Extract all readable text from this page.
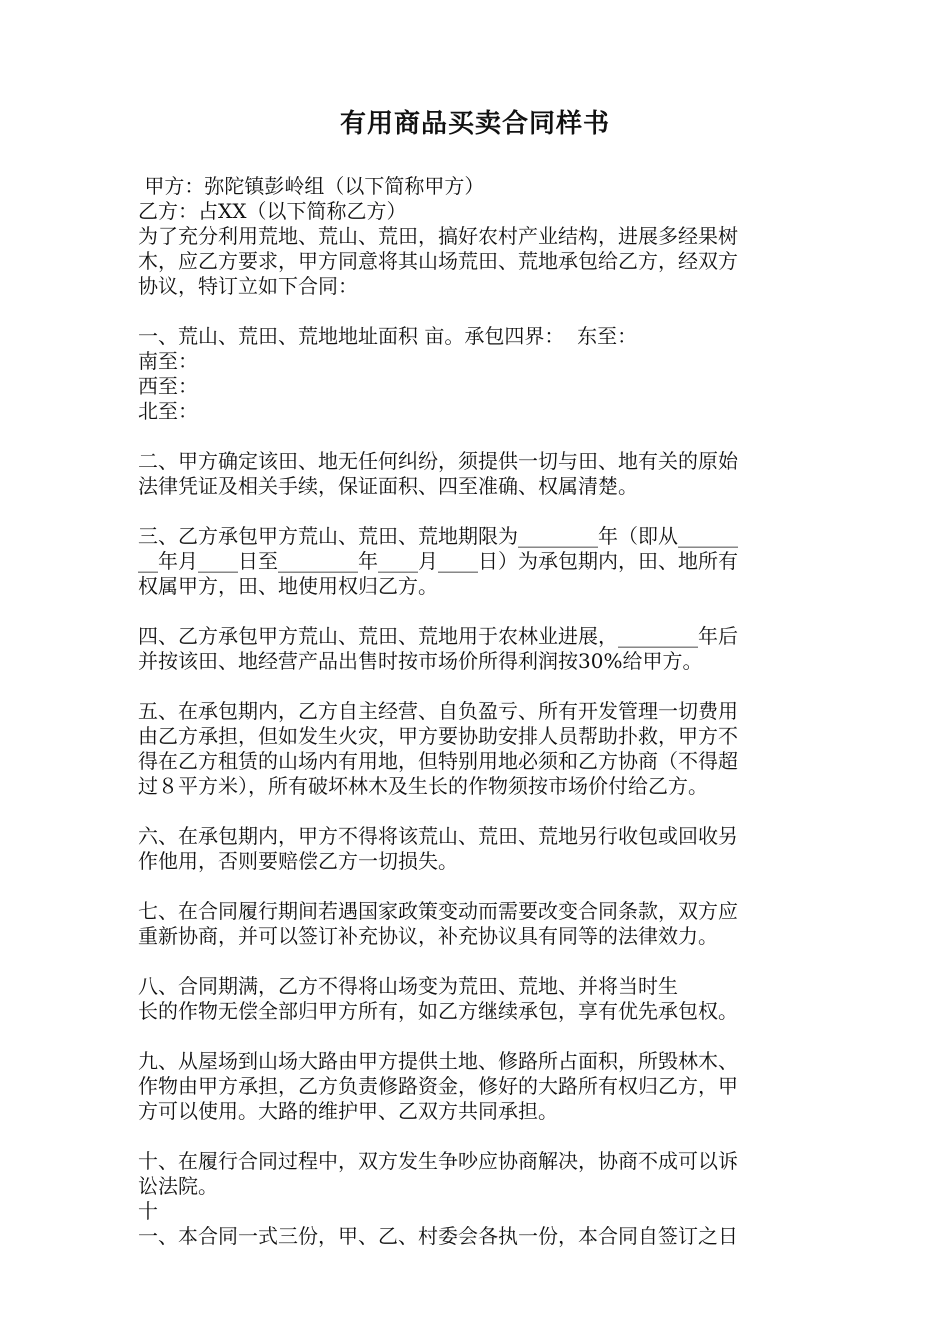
有用商品买卖合同样书
甲方：弥陀镇彭岭组（以下简称甲方）
乙方：占XX（以下简称乙方）
为了充分利用荒地、荒山、荒田，搞好农村产业结构，进展多经果树
木，应乙方要求，甲方同意将其山场荒田、荒地承包给乙方，经双方
协议，特订立如下合同：
一、荒山、荒田、荒地地址面积 亩。承包四界：  东至：
南至：
西至：
北至：
二、甲方确定该田、地无任何纠纷，须提供一切与田、地有关的原始
法律凭证及相关手续，保证面积、四至准确、权属清楚。
三、乙方承包甲方荒山、荒田、荒地期限为________年（即从______
__年月____日至________年____月____日）为承包期内，田、地所有
权属甲方，田、地使用权归乙方。
四、乙方承包甲方荒山、荒田、荒地用于农林业进展，________年后
并按该田、地经营产品出售时按市场价所得利润按30%给甲方。
五、在承包期内，乙方自主经营、自负盈亏、所有开发管理一切费用
由乙方承担，但如发生火灾，甲方要协助安排人员帮助扑救，甲方不
得在乙方租赁的山场内有用地，但特别用地必须和乙方协商（不得超
过８平方米），所有破坏林木及生长的作物须按市场价付给乙方。
六、在承包期内，甲方不得将该荒山、荒田、荒地另行收包或回收另
作他用，否则要赔偿乙方一切损失。
七、在合同履行期间若遇国家政策变动而需要改变合同条款，双方应
重新协商，并可以签订补充协议，补充协议具有同等的法律效力。
八、合同期满，乙方不得将山场变为荒田、荒地、并将当时生
长的作物无偿全部归甲方所有，如乙方继续承包，享有优先承包权。
九、从屋场到山场大路由甲方提供土地、修路所占面积，所毁林木、
作物由甲方承担，乙方负责修路资金，修好的大路所有权归乙方，甲
方可以使用。大路的维护甲、乙双方共同承担。
十、在履行合同过程中，双方发生争吵应协商解决，协商不成可以诉
讼法院。
十
一、本合同一式三份，甲、乙、村委会各执一份，本合同自签订之日
